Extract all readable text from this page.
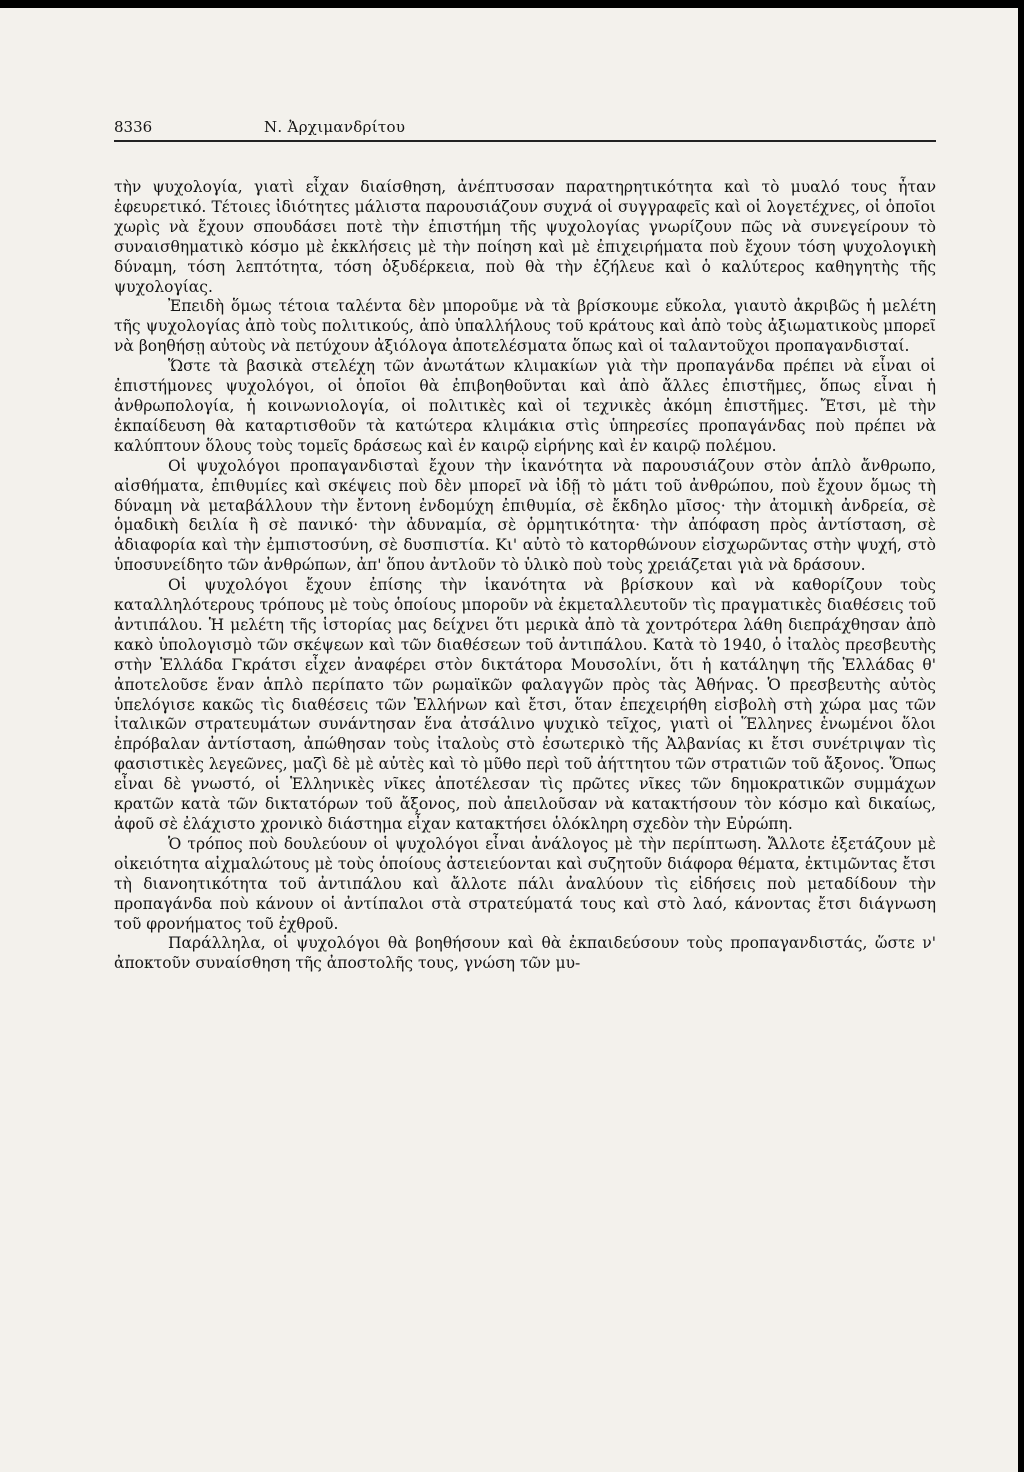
8336	Ν. Ἀρχιμανδρίτου

τὴν ψυχολογία, γιατὶ εἶχαν διαίσθηση, ἀνέπτυσσαν παρατηρητικότητα καὶ τὸ μυαλό τους ἦταν ἐφευρετικό. Τέτοιες ἰδιότητες μάλιστα παρουσιάζουν συχνά οἱ συγγραφεῖς καὶ οἱ λογετέχνες, οἱ ὁποῖοι χωρὶς νὰ ἔχουν σπουδάσει ποτὲ τὴν ἐπιστήμη τῆς ψυχολογίας γνωρίζουν πῶς νὰ συνεγείρουν τὸ συναισθηματικὸ κόσμο μὲ ἐκκλήσεις μὲ τὴν ποίηση καὶ μὲ ἐπιχειρήματα ποὺ ἔχουν τόση ψυχολογικὴ δύναμη, τόση λεπτότητα, τόση ὀξυδέρκεια, ποὺ θὰ τὴν ἐζήλευε καὶ ὁ καλύτερος καθηγητὴς τῆς ψυχολογίας.

Ἐπειδὴ ὅμως τέτοια ταλέντα δὲν μποροῦμε νὰ τὰ βρίσκουμε εὔκολα, γιαυτὸ ἀκριβῶς ἡ μελέτη τῆς ψυχολογίας ἀπὸ τοὺς πολιτικούς, ἀπὸ ὑπαλλήλους τοῦ κράτους καὶ ἀπὸ τοὺς ἀξιωματικοὺς μπορεῖ νὰ βοηθήσῃ αὐτοὺς νὰ πετύχουν ἀξιόλογα ἀποτελέσματα ὅπως καὶ οἱ ταλαντοῦχοι προπαγανδισταί.

Ὥστε τὰ βασικὰ στελέχη τῶν ἀνωτάτων κλιμακίων γιὰ τὴν προπαγάνδα πρέπει νὰ εἶναι οἱ ἐπιστήμονες ψυχολόγοι, οἱ ὁποῖοι θὰ ἐπιβοηθοῦνται καὶ ἀπὸ ἄλλες ἐπιστῆμες, ὅπως εἶναι ἡ ἀνθρωπολογία, ἡ κοινωνιολογία, οἱ πολιτικὲς καὶ οἱ τεχνικὲς ἀκόμη ἐπιστῆμες. Ἔτσι, μὲ τὴν ἐκπαίδευση θὰ καταρτισθοῦν τὰ κατώτερα κλιμάκια στὶς ὑπηρεσίες προπαγάνδας ποὺ πρέπει νὰ καλύπτουν ὅλους τοὺς τομεῖς δράσεως καὶ ἐν καιρῷ εἰρήνης καὶ ἐν καιρῷ πολέμου.

Οἱ ψυχολόγοι προπαγανδισταὶ ἔχουν τὴν ἱκανότητα νὰ παρουσιάζουν στὸν ἁπλὸ ἄνθρωπο, αἰσθήματα, ἐπιθυμίες καὶ σκέψεις ποὺ δὲν μπορεῖ νὰ ἰδῇ τὸ μάτι τοῦ ἀνθρώπου, ποὺ ἔχουν ὅμως τὴ δύναμη νὰ μεταβάλλουν τὴν ἔντονη ἐνδομύχη ἐπιθυμία, σὲ ἔκδηλο μῖσος· τὴν ἀτομικὴ ἀνδρεία, σὲ ὁμαδικὴ δειλία ἢ σὲ πανικό· τὴν ἀδυναμία, σὲ ὁρμητικότητα· τὴν ἀπόφαση πρὸς ἀντίσταση, σὲ ἀδιαφορία καὶ τὴν ἐμπιστοσύνη, σὲ δυσπιστία. Κι' αὐτὸ τὸ κατορθώνουν εἰσχωρῶντας στὴν ψυχή, στὸ ὑποσυνείδητο τῶν ἀνθρώπων, ἀπ' ὅπου ἀντλοῦν τὸ ὑλικὸ ποὺ τοὺς χρειάζεται γιὰ νὰ δράσουν.

Οἱ ψυχολόγοι ἔχουν ἐπίσης τὴν ἱκανότητα νὰ βρίσκουν καὶ νὰ καθορίζουν τοὺς καταλληλότερους τρόπους μὲ τοὺς ὁποίους μποροῦν νὰ ἐκμεταλλευτοῦν τὶς πραγματικὲς διαθέσεις τοῦ ἀντιπάλου. Ἡ μελέτη τῆς ἱστορίας μας δείχνει ὅτι μερικὰ ἀπὸ τὰ χοντρότερα λάθη διεπράχθησαν ἀπὸ κακὸ ὑπολογισμὸ τῶν σκέψεων καὶ τῶν διαθέσεων τοῦ ἀντιπάλου. Κατὰ τὸ 1940, ὁ ἰταλὸς πρεσβευτὴς στὴν Ἑλλάδα Γκράτσι εἶχεν ἀναφέρει στὸν δικτάτορα Μουσολίνι, ὅτι ἡ κατάληψη τῆς Ἑλλάδας θ' ἀποτελοῦσε ἕναν ἁπλὸ περίπατο τῶν ρωμαϊκῶν φαλαγγῶν πρὸς τὰς Ἀθήνας. Ὁ πρεσβευτὴς αὐτὸς ὑπελόγισε κακῶς τὶς διαθέσεις τῶν Ἑλλήνων καὶ ἔτσι, ὅταν ἐπεχειρήθη εἰσβολὴ στὴ χώρα μας τῶν ἰταλικῶν στρατευμάτων συνάντησαν ἕνα ἀτσάλινο ψυχικὸ τεῖχος, γιατὶ οἱ Ἕλληνες ἑνωμένοι ὅλοι ἐπρόβαλαν ἀντίσταση, ἀπώθησαν τοὺς ἰταλοὺς στὸ ἐσωτερικὸ τῆς Ἀλβανίας κι ἔτσι συνέτριψαν τὶς φασιστικὲς λεγεῶνες, μαζὶ δὲ μὲ αὐτὲς καὶ τὸ μῦθο περὶ τοῦ ἀήττητου τῶν στρατιῶν τοῦ ἄξονος. Ὅπως εἶναι δὲ γνωστό, οἱ Ἑλληνικὲς νῖκες ἀποτέλεσαν τὶς πρῶτες νῖκες τῶν δημοκρατικῶν συμμάχων κρατῶν κατὰ τῶν δικτατόρων τοῦ ἄξονος, ποὺ ἀπειλοῦσαν νὰ κατακτήσουν τὸν κόσμο καὶ δικαίως, ἀφοῦ σὲ ἐλάχιστο χρονικὸ διάστημα εἶχαν κατακτήσει ὁλόκληρη σχεδὸν τὴν Εὐρώπη.

Ὁ τρόπος ποὺ δουλεύουν οἱ ψυχολόγοι εἶναι ἀνάλογος μὲ τὴν περίπτωση. Ἄλλοτε ἐξετάζουν μὲ οἰκειότητα αἰχμαλώτους μὲ τοὺς ὁποίους ἀστειεύονται καὶ συζητοῦν διάφορα θέματα, ἐκτιμῶντας ἔτσι τὴ διανοητικότητα τοῦ ἀντιπάλου καὶ ἄλλοτε πάλι ἀναλύουν τὶς εἰδήσεις ποὺ μεταδίδουν τὴν προπαγάνδα ποὺ κάνουν οἱ ἀντίπαλοι στὰ στρατεύματά τους καὶ στὸ λαό, κάνοντας ἔτσι διάγνωση τοῦ φρονήματος τοῦ ἐχθροῦ.

Παράλληλα, οἱ ψυχολόγοι θὰ βοηθήσουν καὶ θὰ ἐκπαιδεύσουν τοὺς προπαγανδιστάς, ὥστε ν' ἀποκτοῦν συναίσθηση τῆς ἀποστολῆς τους, γνώση τῶν μυ-
